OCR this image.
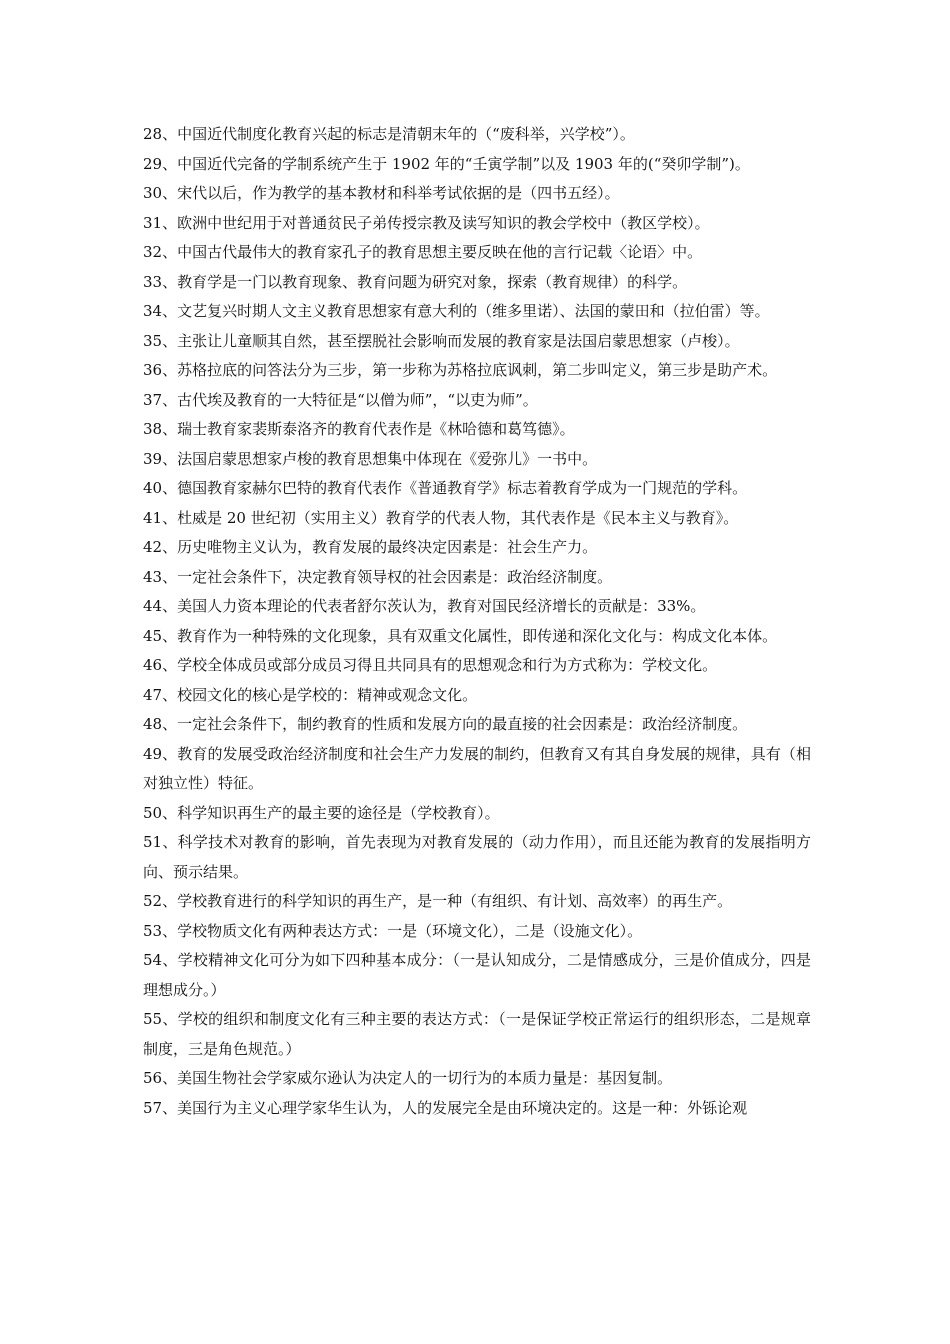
28、中国近代制度化教育兴起的标志是清朝末年的（“废科举，兴学校”）。

29、中国近代完备的学制系统产生于 1902 年的“壬寅学制”以及 1903 年的(“癸卯学制”)。

30、宋代以后，作为教学的基本教材和科举考试依据的是（四书五经）。

31、欧洲中世纪用于对普通贫民子弟传授宗教及读写知识的教会学校中（教区学校）。

32、中国古代最伟大的教育家孔子的教育思想主要反映在他的言行记载〈论语〉中。

33、教育学是一门以教育现象、教育问题为研究对象，探索（教育规律）的科学。

34、文艺复兴时期人文主义教育思想家有意大利的（维多里诺）、法国的蒙田和（拉伯雷）等。

35、主张让儿童顺其自然，甚至摆脱社会影响而发展的教育家是法国启蒙思想家（卢梭）。

36、苏格拉底的问答法分为三步，第一步称为苏格拉底讽刺，第二步叫定义，第三步是助产术。

37、古代埃及教育的一大特征是“以僧为师”，“以吏为师”。

38、瑞士教育家裴斯泰洛齐的教育代表作是《林哈德和葛笃德》。

39、法国启蒙思想家卢梭的教育思想集中体现在《爱弥儿》一书中。

40、德国教育家赫尔巴特的教育代表作《普通教育学》标志着教育学成为一门规范的学科。

41、杜威是 20 世纪初（实用主义）教育学的代表人物，其代表作是《民本主义与教育》。

42、历史唯物主义认为，教育发展的最终决定因素是：社会生产力。

43、一定社会条件下，决定教育领导权的社会因素是：政治经济制度。

44、美国人力资本理论的代表者舒尔茨认为，教育对国民经济增长的贡献是：33%。

45、教育作为一种特殊的文化现象，具有双重文化属性，即传递和深化文化与：构成文化本体。

46、学校全体成员或部分成员习得且共同具有的思想观念和行为方式称为：学校文化。

47、校园文化的核心是学校的：精神或观念文化。

48、一定社会条件下，制约教育的性质和发展方向的最直接的社会因素是：政治经济制度。

49、教育的发展受政治经济制度和社会生产力发展的制约，但教育又有其自身发展的规律，具有（相对独立性）特征。

50、科学知识再生产的最主要的途径是（学校教育）。

51、科学技术对教育的影响，首先表现为对教育发展的（动力作用），而且还能为教育的发展指明方向、预示结果。

52、学校教育进行的科学知识的再生产，是一种（有组织、有计划、高效率）的再生产。

53、学校物质文化有两种表达方式：一是（环境文化），二是（设施文化）。

54、学校精神文化可分为如下四种基本成分：（一是认知成分，二是情感成分，三是价值成分，四是理想成分。）

55、学校的组织和制度文化有三种主要的表达方式：（一是保证学校正常运行的组织形态，二是规章制度，三是角色规范。）

56、美国生物社会学家威尔逊认为决定人的一切行为的本质力量是：基因复制。

57、美国行为主义心理学家华生认为，人的发展完全是由环境决定的。这是一种：外铄论观
